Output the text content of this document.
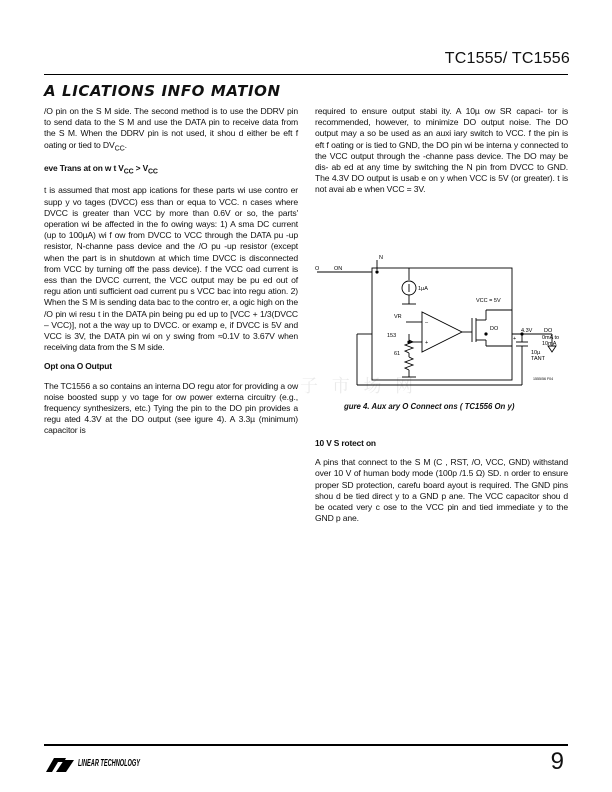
TC1555/ TC1556
A LICATIONS INFO MATION

/O pin on the S M side. The second method is to use the DDRV pin to send data to the S M and use the DATA pin to receive data from the S M. When the DDRV pin is not used, it shou d either be eft f oating or tied to $DV_{CC}$.

eve Trans at on w t $V_{CC} > V_{CC}$

t is assumed that most app ications for these parts wi use contro er supp y vo tages (DVCC) ess than or equa to VCC. n cases where DVCC is greater than VCC by more than 0.6V or so, the parts' operation wi be affected in the fo owing ways: 1) A sma DC current (up to 100µA) wi f ow from DVCC to VCC through the DATA pu -up resistor, N-channe pass device and the /O pu -up resistor (except when the part is in shutdown at which time DVCC is disconnected from VCC by turning off the pass device). f the VCC oad current is ess than the DVCC current, the VCC output may be pu ed out of regu ation unti sufficient oad current pu s VCC bac into regu ation. 2) When the S M is sending data bac to the contro er, a ogic high on the /O pin wi resu t in the DATA pin being pu ed up to [VCC + 1/3(DVCC – VCC)], not a the way up to DVCC. or examp e, if DVCC is 5V and VCC is 3V, the DATA pin wi on y swing from ≈0.1V to 3.67V when receiving data from the S M side.

Opt ona O Output

The TC1556 a so contains an interna DO regu ator for providing a ow noise boosted supp y vo tage for ow power externa circuitry (e.g., frequency synthesizers, etc.) Tying the pin to the DO pin provides a regu ated 4.3V at the DO output (see igure 4). A 3.3µ (minimum) capacitor is

required to ensure output stabi ity. A 10µ ow SR capaci- tor is recommended, however, to minimize DO output noise. The DO output may a so be used as an auxi iary switch to VCC. f the pin is eft f oating or is tied to GND, the DO pin wi be interna y connected to the VCC output through the -channe pass device. The DO may be dis- ab ed at any time by switching the N pin from DVCC to GND. The 4.3V DO output is usab e on y when VCC is 5V (or greater). t is not avai ab e when VCC = 3V.

N
O	ON
1µA
VR
VCC = 5V
153
61
–
+
DO	4.3V DO
0mA to
10mA
10µ
TANT
+
1555/56 F04
子 市 场 网
gure 4. Aux ary O Connect ons ( TC1556 On y)
10 V S rotect on

A pins that connect to the S M (C , RST, /O, VCC, GND) withstand over 10 V of human body mode (100p /1.5 Ω) SD. n order to ensure proper SD protection, carefu board ayout is required. The GND pins shou d be tied direct y to a GND p ane. The VCC capacitor shou d be ocated very c ose to the VCC pin and tied immediate y to the GND p ane.

LINEAR TECHNOLOGY	9
